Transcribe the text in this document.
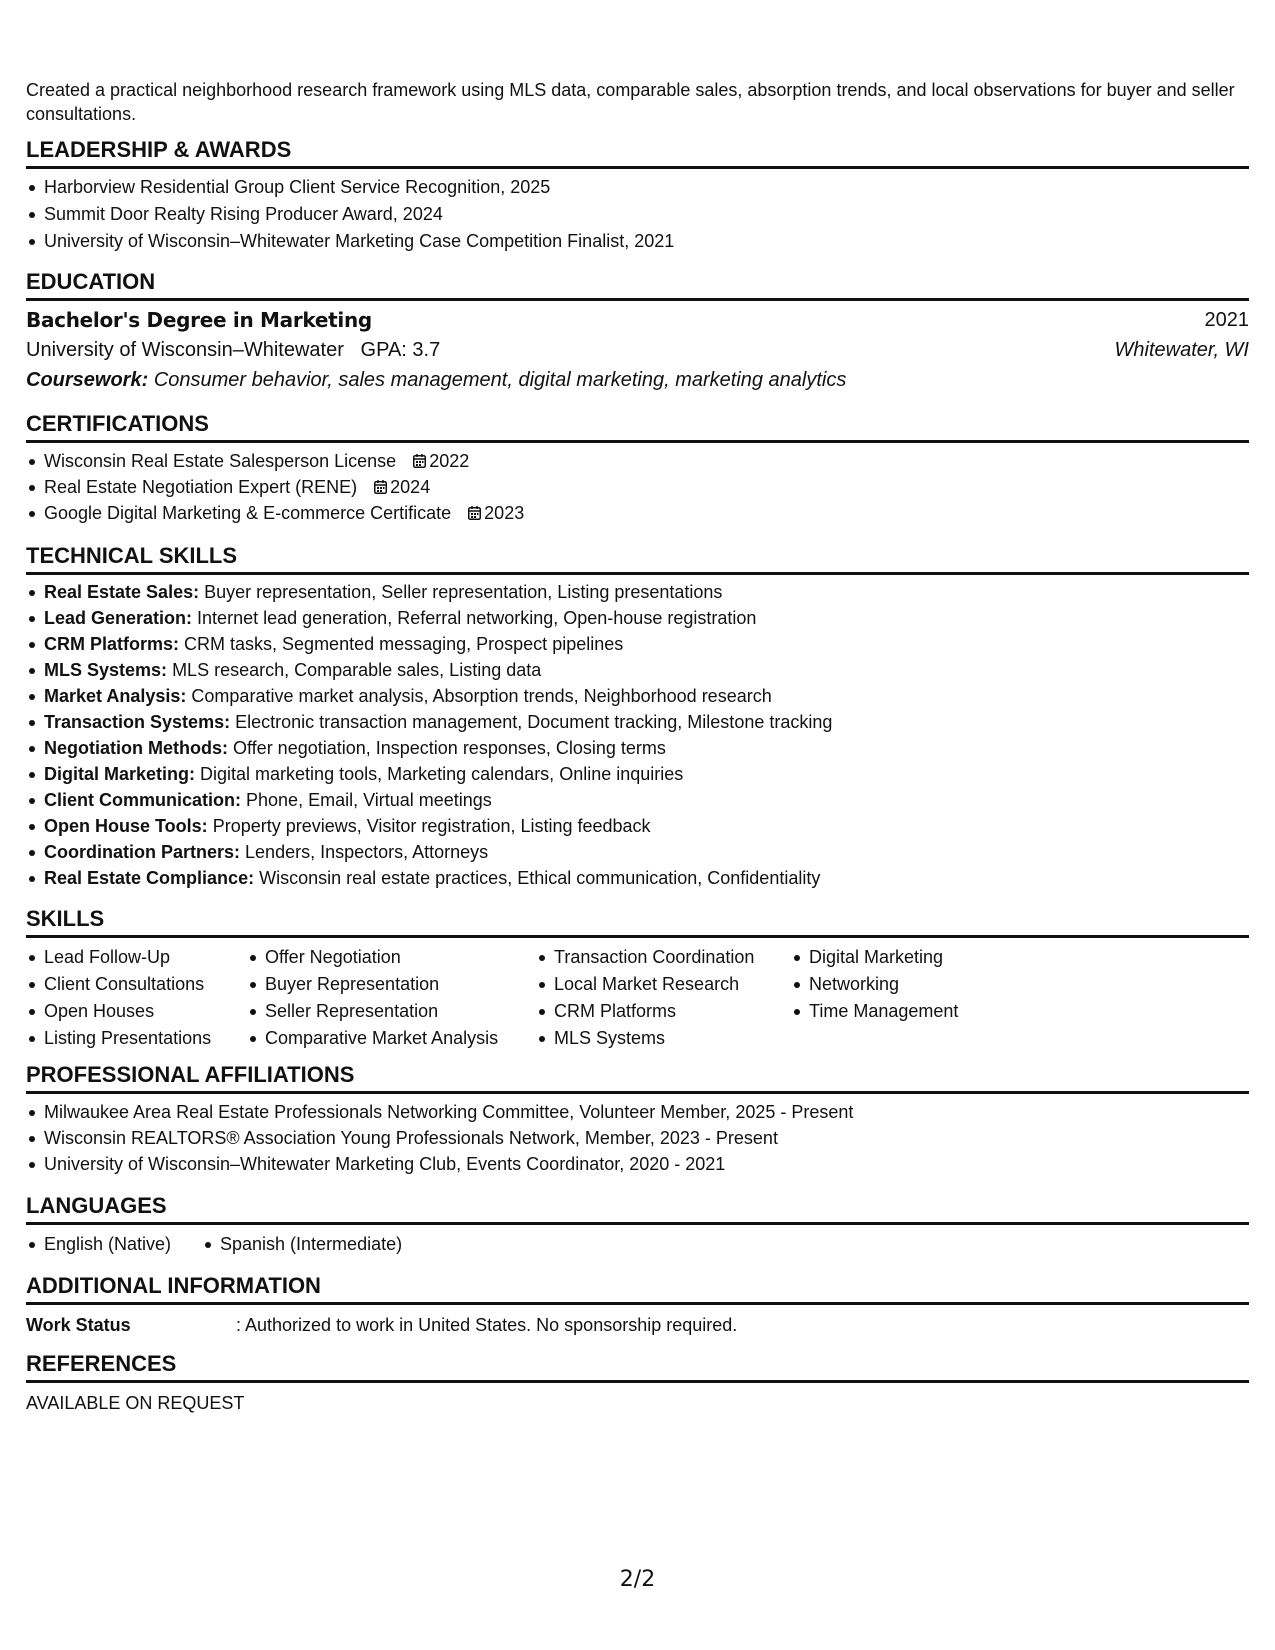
Created a practical neighborhood research framework using MLS data, comparable sales, absorption trends, and local observations for buyer and seller consultations.

LEADERSHIP & AWARDS
Harborview Residential Group Client Service Recognition, 2025
Summit Door Realty Rising Producer Award, 2024
University of Wisconsin–Whitewater Marketing Case Competition Finalist, 2021
EDUCATION
Bachelor's Degree in Marketing	2021
University of Wisconsin–Whitewater GPA: 3.7	Whitewater, WI
Coursework: Consumer behavior, sales management, digital marketing, marketing analytics
CERTIFICATIONS
Wisconsin Real Estate Salesperson License 2022
Real Estate Negotiation Expert (RENE) 2024
Google Digital Marketing & E-commerce Certificate 2023
TECHNICAL SKILLS
Real Estate Sales: Buyer representation, Seller representation, Listing presentations
Lead Generation: Internet lead generation, Referral networking, Open-house registration
CRM Platforms: CRM tasks, Segmented messaging, Prospect pipelines
MLS Systems: MLS research, Comparable sales, Listing data
Market Analysis: Comparative market analysis, Absorption trends, Neighborhood research
Transaction Systems: Electronic transaction management, Document tracking, Milestone tracking
Negotiation Methods: Offer negotiation, Inspection responses, Closing terms
Digital Marketing: Digital marketing tools, Marketing calendars, Online inquiries
Client Communication: Phone, Email, Virtual meetings
Open House Tools: Property previews, Visitor registration, Listing feedback
Coordination Partners: Lenders, Inspectors, Attorneys
Real Estate Compliance: Wisconsin real estate practices, Ethical communication, Confidentiality
SKILLS
Lead Follow-Up
Client Consultations
Open Houses
Listing Presentations
Offer Negotiation
Buyer Representation
Seller Representation
Comparative Market Analysis
Transaction Coordination
Local Market Research
CRM Platforms
MLS Systems
Digital Marketing
Networking
Time Management
PROFESSIONAL AFFILIATIONS
Milwaukee Area Real Estate Professionals Networking Committee, Volunteer Member, 2025 - Present
Wisconsin REALTORS® Association Young Professionals Network, Member, 2023 - Present
University of Wisconsin–Whitewater Marketing Club, Events Coordinator, 2020 - 2021
LANGUAGES
English (Native)	Spanish (Intermediate)
ADDITIONAL INFORMATION
Work Status	: Authorized to work in United States. No sponsorship required.
REFERENCES
AVAILABLE ON REQUEST
2/2
